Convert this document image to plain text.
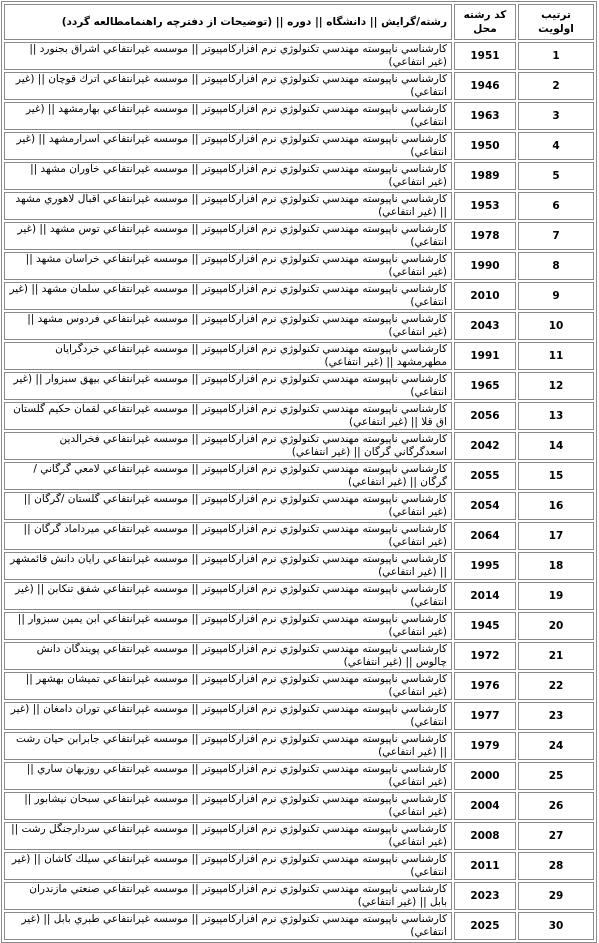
ترتیب اولویت	کد رشته محل	رشته/گرایش || دانشگاه || دوره || (توضیحات از دفترچه راهنمامطالعه گردد)
1	1951	كارشناسي ناپيوسته مهندسي تكنولوژي نرم افزاركامپيوتر || موسسه غيرانتفاعي اشراق بجنورد || (غير انتفاعي)
2	1946	كارشناسي ناپيوسته مهندسي تكنولوژي نرم افزاركامپيوتر || موسسه غيرانتفاعي اترك قوچان || (غير انتفاعي)
3	1963	كارشناسي ناپيوسته مهندسي تكنولوژي نرم افزاركامپيوتر || موسسه غيرانتفاعي بهارمشهد || (غير انتفاعي)
4	1950	كارشناسي ناپيوسته مهندسي تكنولوژي نرم افزاركامپيوتر || موسسه غيرانتفاعي اسرارمشهد || (غير انتفاعي)
5	1989	كارشناسي ناپيوسته مهندسي تكنولوژي نرم افزاركامپيوتر || موسسه غيرانتفاعي خاوران مشهد || (غير انتفاعي)
6	1953	كارشناسي ناپيوسته مهندسي تكنولوژي نرم افزاركامپيوتر || موسسه غيرانتفاعي اقبال لاهوري مشهد || (غير انتفاعي)
7	1978	كارشناسي ناپيوسته مهندسي تكنولوژي نرم افزاركامپيوتر || موسسه غيرانتفاعي توس مشهد || (غير انتفاعي)
8	1990	كارشناسي ناپيوسته مهندسي تكنولوژي نرم افزاركامپيوتر || موسسه غيرانتفاعي خراسان مشهد || (غير انتفاعي)
9	2010	كارشناسي ناپيوسته مهندسي تكنولوژي نرم افزاركامپيوتر || موسسه غيرانتفاعي سلمان مشهد || (غير انتفاعي)
10	2043	كارشناسي ناپيوسته مهندسي تكنولوژي نرم افزاركامپيوتر || موسسه غيرانتفاعي فردوس مشهد || (غير انتفاعي)
11	1991	كارشناسي ناپيوسته مهندسي تكنولوژي نرم افزاركامپيوتر || موسسه غيرانتفاعي خردگرايان مطهرمشهد || (غير انتفاعي)
12	1965	كارشناسي ناپيوسته مهندسي تكنولوژي نرم افزاركامپيوتر || موسسه غيرانتفاعي بيهق سبزوار || (غير انتفاعي)
13	2056	كارشناسي ناپيوسته مهندسي تكنولوژي نرم افزاركامپيوتر || موسسه غيرانتفاعي لقمان حكيم گلستان اق قلا || (غير انتفاعي)
14	2042	كارشناسي ناپيوسته مهندسي تكنولوژي نرم افزاركامپيوتر || موسسه غيرانتفاعي فخرالدين اسعدگرگاني گرگان || (غير انتفاعي)
15	2055	كارشناسي ناپيوسته مهندسي تكنولوژي نرم افزاركامپيوتر || موسسه غيرانتفاعي لامعي گرگاني /گرگان || (غير انتفاعي)
16	2054	كارشناسي ناپيوسته مهندسي تكنولوژي نرم افزاركامپيوتر || موسسه غيرانتفاعي گلستان /گرگان || (غير انتفاعي)
17	2064	كارشناسي ناپيوسته مهندسي تكنولوژي نرم افزاركامپيوتر || موسسه غيرانتفاعي ميرداماد گرگان || (غير انتفاعي)
18	1995	كارشناسي ناپيوسته مهندسي تكنولوژي نرم افزاركامپيوتر || موسسه غيرانتفاعي رايان دانش قائمشهر || (غير انتفاعي)
19	2014	كارشناسي ناپيوسته مهندسي تكنولوژي نرم افزاركامپيوتر || موسسه غيرانتفاعي شفق تنكابن || (غير انتفاعي)
20	1945	كارشناسي ناپيوسته مهندسي تكنولوژي نرم افزاركامپيوتر || موسسه غيرانتفاعي ابن يمين سبزوار || (غير انتفاعي)
21	1972	كارشناسي ناپيوسته مهندسي تكنولوژي نرم افزاركامپيوتر || موسسه غيرانتفاعي پويندگان دانش چالوس || (غير انتفاعي)
22	1976	كارشناسي ناپيوسته مهندسي تكنولوژي نرم افزاركامپيوتر || موسسه غيرانتفاعي تميشان بهشهر || (غير انتفاعي)
23	1977	كارشناسي ناپيوسته مهندسي تكنولوژي نرم افزاركامپيوتر || موسسه غيرانتفاعي توران دامغان || (غير انتفاعي)
24	1979	كارشناسي ناپيوسته مهندسي تكنولوژي نرم افزاركامپيوتر || موسسه غيرانتفاعي جابرابن حيان رشت || (غير انتفاعي)
25	2000	كارشناسي ناپيوسته مهندسي تكنولوژي نرم افزاركامپيوتر || موسسه غيرانتفاعي روزبهان ساري || (غير انتفاعي)
26	2004	كارشناسي ناپيوسته مهندسي تكنولوژي نرم افزاركامپيوتر || موسسه غيرانتفاعي سبحان نيشابور || (غير انتفاعي)
27	2008	كارشناسي ناپيوسته مهندسي تكنولوژي نرم افزاركامپيوتر || موسسه غيرانتفاعي سردارجنگل رشت || (غير انتفاعي)
28	2011	كارشناسي ناپيوسته مهندسي تكنولوژي نرم افزاركامپيوتر || موسسه غيرانتفاعي سيلك كاشان || (غير انتفاعي)
29	2023	كارشناسي ناپيوسته مهندسي تكنولوژي نرم افزاركامپيوتر || موسسه غيرانتفاعي صنعتي مازندران بابل || (غير انتفاعي)
30	2025	كارشناسي ناپيوسته مهندسي تكنولوژي نرم افزاركامپيوتر || موسسه غيرانتفاعي طبري بابل || (غير انتفاعي)
